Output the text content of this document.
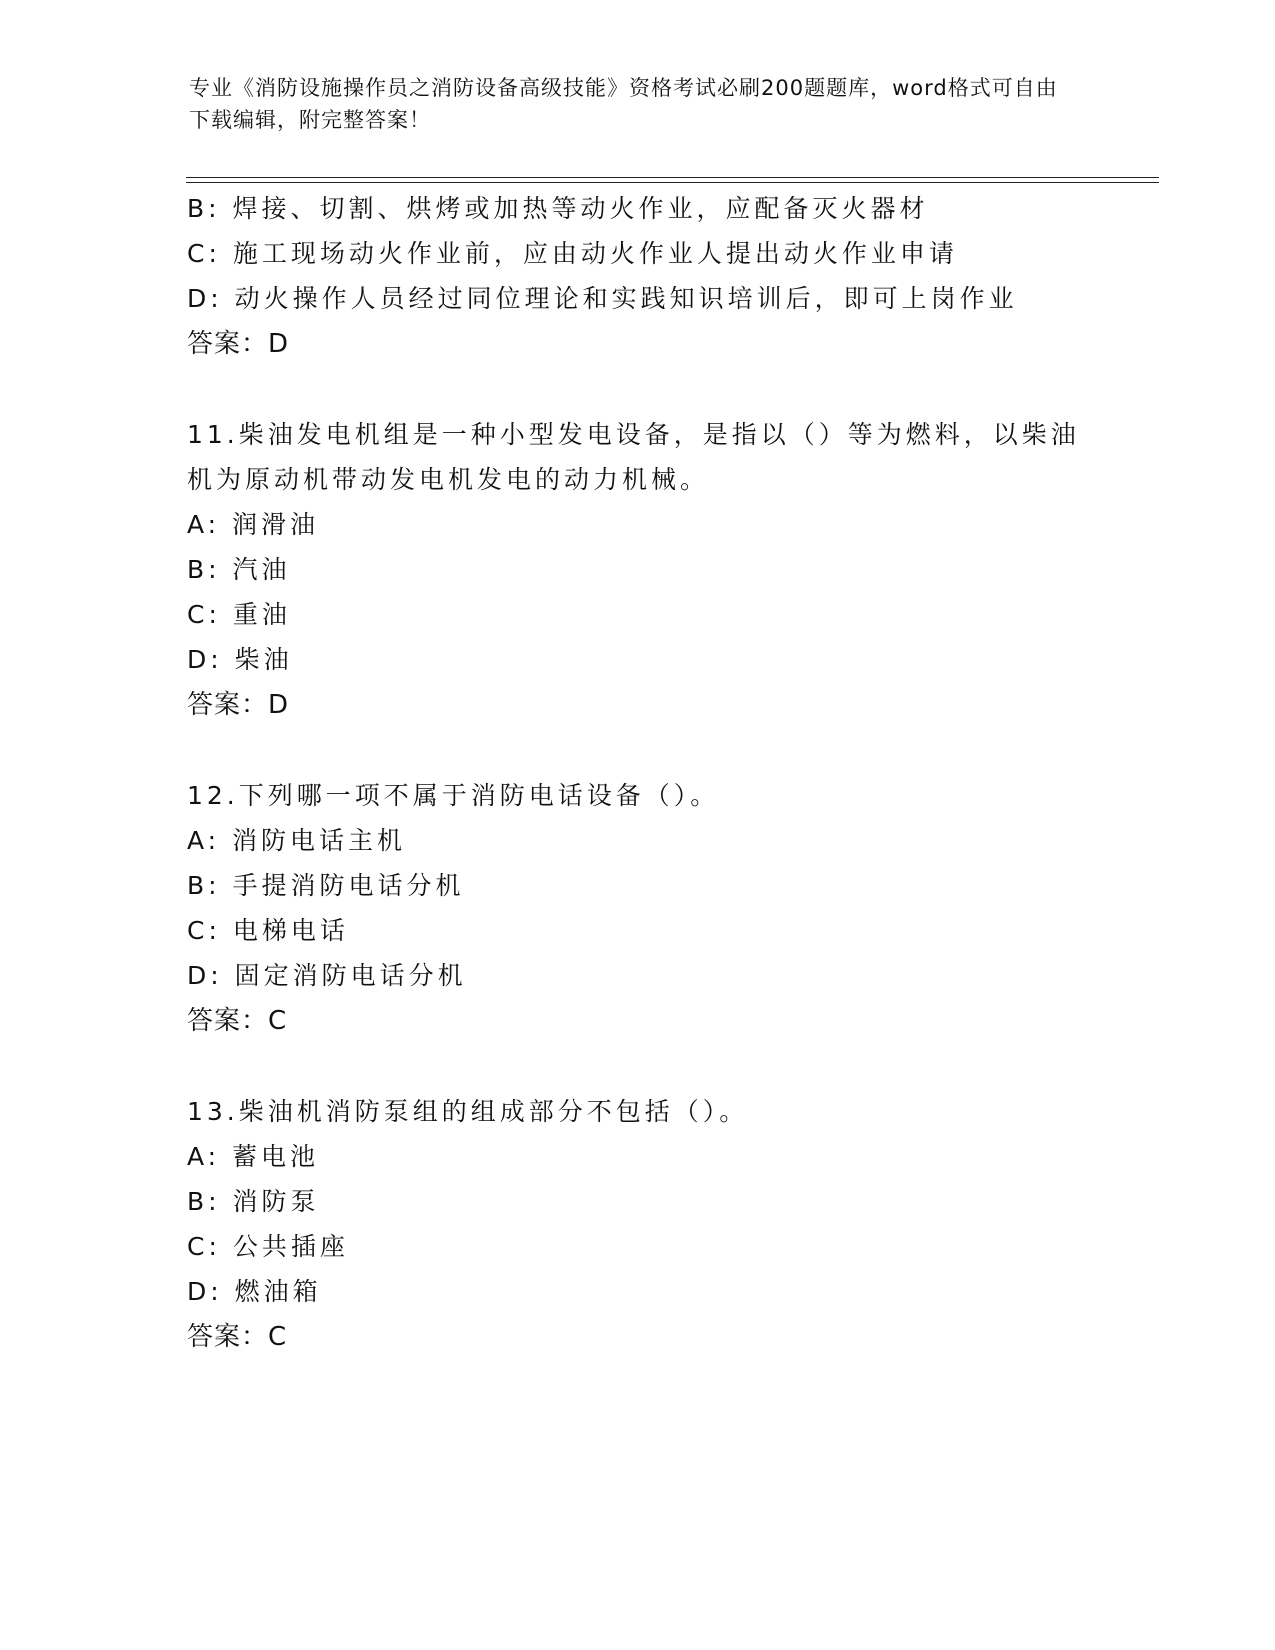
专业《消防设施操作员之消防设备高级技能》资格考试必刷200题题库，word格式可自由下载编辑，附完整答案！
B: 焊接、切割、烘烤或加热等动火作业，应配备灭火器材
C: 施工现场动火作业前，应由动火作业人提出动火作业申请
D: 动火操作人员经过同位理论和实践知识培训后，即可上岗作业
答案：D
11.柴油发电机组是一种小型发电设备，是指以（）等为燃料，以柴油
机为原动机带动发电机发电的动力机械。
A: 润滑油
B: 汽油
C: 重油
D: 柴油
答案：D
12.下列哪一项不属于消防电话设备（）。
A: 消防电话主机
B: 手提消防电话分机
C: 电梯电话
D: 固定消防电话分机
答案：C
13.柴油机消防泵组的组成部分不包括（）。
A: 蓄电池
B: 消防泵
C: 公共插座
D: 燃油箱
答案：C
